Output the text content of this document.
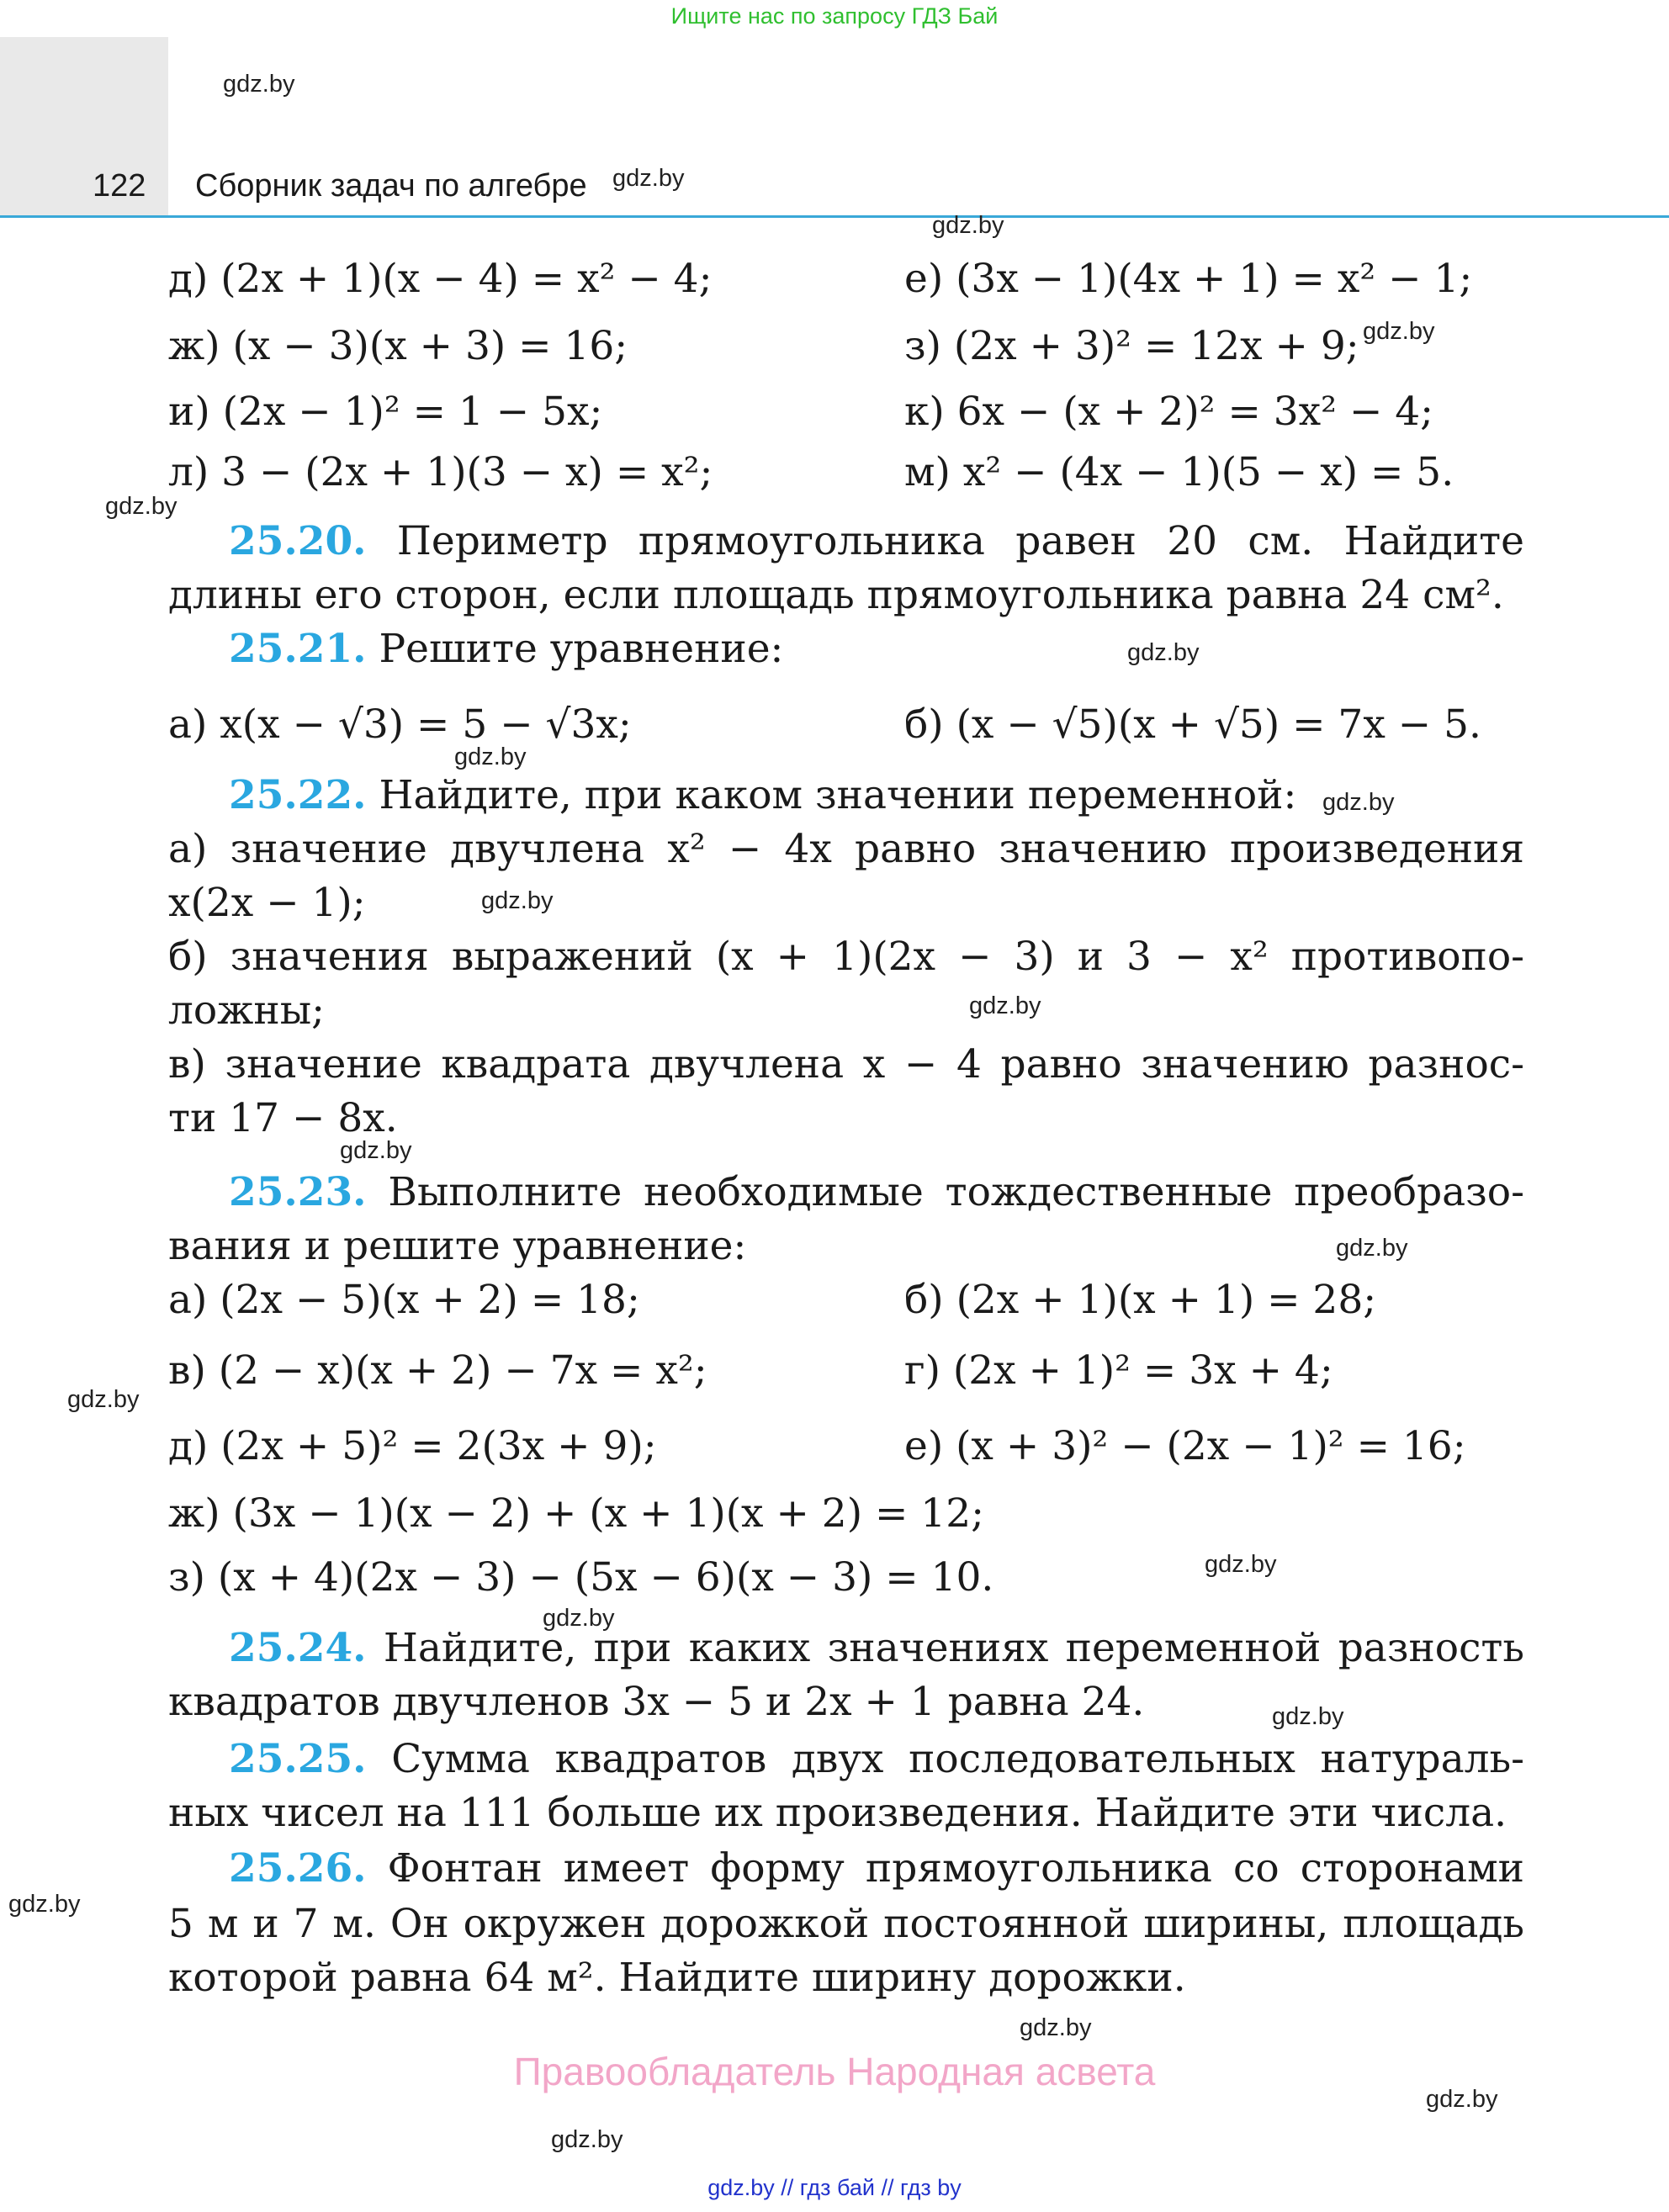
Ищите нас по запросу ГДЗ Бай
122 Сборник задач по алгебре
gdz.by
gdz.by
gdz.by
gdz.by
gdz.by
gdz.by
gdz.by
gdz.by
gdz.by
gdz.by
gdz.by
gdz.by
gdz.by
gdz.by
gdz.by
gdz.by
gdz.by
gdz.by
gdz.by
gdz.by
д) (2x + 1)(x − 4) = x² − 4;	е) (3x − 1)(4x + 1) = x² − 1;
ж) (x − 3)(x + 3) = 16;	з) (2x + 3)² = 12x + 9;
и) (2x − 1)² = 1 − 5x;	к) 6x − (x + 2)² = 3x² − 4;
л) 3 − (2x + 1)(3 − x) = x²;	м) x² − (4x − 1)(5 − x) = 5.
25.20. Периметр прямоугольника равен 20 см. Найдите
длины его сторон, если площадь прямоугольника равна 24 см².
25.21. Решите уравнение:
а) x(x − √3) = 5 − √3x;	б) (x − √5)(x + √5) = 7x − 5.
25.22. Найдите, при каком значении переменной:
а) значение двучлена x² − 4x равно значению произведения
x(2x − 1);
б) значения выражений (x + 1)(2x − 3) и 3 − x² противопо-
ложны;
в) значение квадрата двучлена x − 4 равно значению разнос-
ти 17 − 8x.
25.23. Выполните необходимые тождественные преобразо-
вания и решите уравнение:
а) (2x − 5)(x + 2) = 18;	б) (2x + 1)(x + 1) = 28;
в) (2 − x)(x + 2) − 7x = x²;	г) (2x + 1)² = 3x + 4;
д) (2x + 5)² = 2(3x + 9);	е) (x + 3)² − (2x − 1)² = 16;
ж) (3x − 1)(x − 2) + (x + 1)(x + 2) = 12;
з) (x + 4)(2x − 3) − (5x − 6)(x − 3) = 10.
25.24. Найдите, при каких значениях переменной разность
квадратов двучленов 3x − 5 и 2x + 1 равна 24.
25.25. Сумма квадратов двух последовательных натураль-
ных чисел на 111 больше их произведения. Найдите эти числа.
25.26. Фонтан имеет форму прямоугольника со сторонами
5 м и 7 м. Он окружен дорожкой постоянной ширины, площадь
которой равна 64 м². Найдите ширину дорожки.
Правообладатель Народная асвета
gdz.by // гдз бай // гдз by
